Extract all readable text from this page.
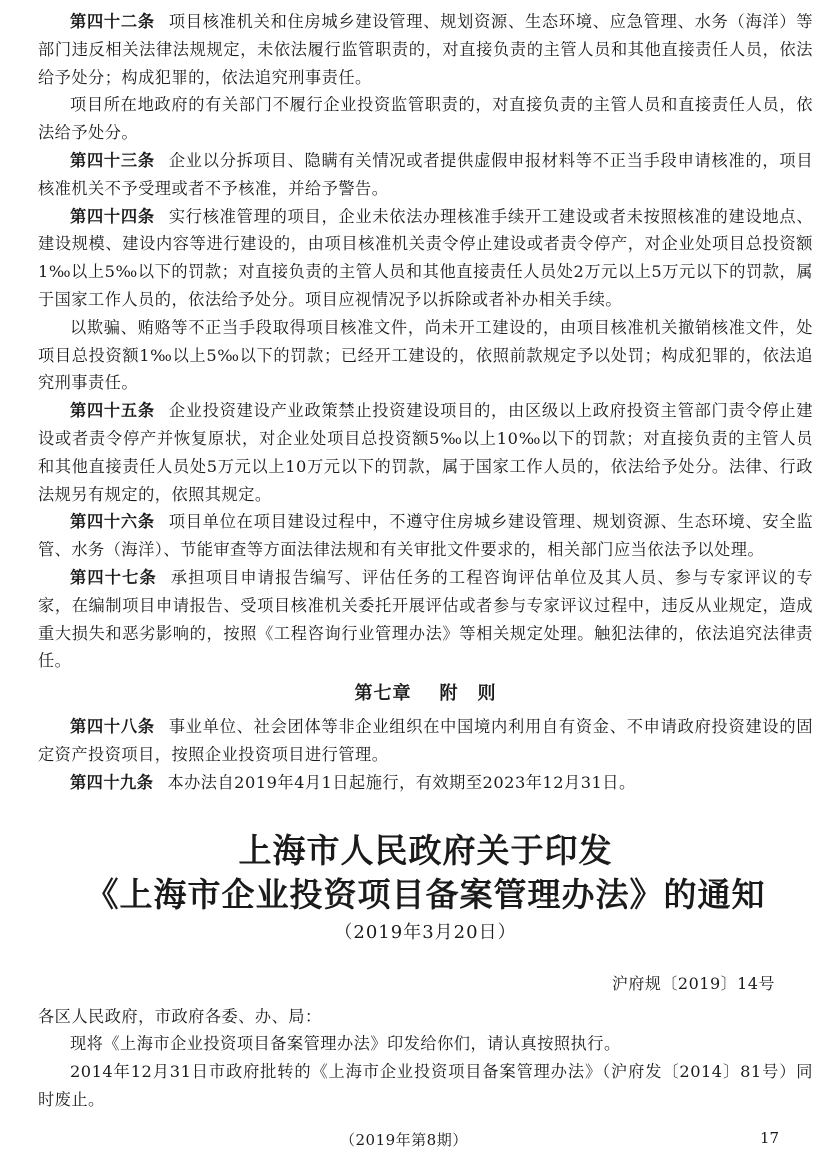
第四十二条 项目核准机关和住房城乡建设管理、规划资源、生态环境、应急管理、水务（海洋）等部门违反相关法律法规规定，未依法履行监管职责的，对直接负责的主管人员和其他直接责任人员，依法给予处分；构成犯罪的，依法追究刑事责任。

项目所在地政府的有关部门不履行企业投资监管职责的，对直接负责的主管人员和直接责任人员，依法给予处分。

第四十三条 企业以分拆项目、隐瞒有关情况或者提供虚假申报材料等不正当手段申请核准的，项目核准机关不予受理或者不予核准，并给予警告。

第四十四条 实行核准管理的项目，企业未依法办理核准手续开工建设或者未按照核准的建设地点、建设规模、建设内容等进行建设的，由项目核准机关责令停止建设或者责令停产，对企业处项目总投资额1‰以上5‰以下的罚款；对直接负责的主管人员和其他直接责任人员处2万元以上5万元以下的罚款，属于国家工作人员的，依法给予处分。项目应视情况予以拆除或者补办相关手续。

以欺骗、贿赂等不正当手段取得项目核准文件，尚未开工建设的，由项目核准机关撤销核准文件，处项目总投资额1‰以上5‰以下的罚款；已经开工建设的，依照前款规定予以处罚；构成犯罪的，依法追究刑事责任。

第四十五条 企业投资建设产业政策禁止投资建设项目的，由区级以上政府投资主管部门责令停止建设或者责令停产并恢复原状，对企业处项目总投资额5‰以上10‰以下的罚款；对直接负责的主管人员和其他直接责任人员处5万元以上10万元以下的罚款，属于国家工作人员的，依法给予处分。法律、行政法规另有规定的，依照其规定。

第四十六条 项目单位在项目建设过程中，不遵守住房城乡建设管理、规划资源、生态环境、安全监管、水务（海洋）、节能审查等方面法律法规和有关审批文件要求的，相关部门应当依法予以处理。

第四十七条 承担项目申请报告编写、评估任务的工程咨询评估单位及其人员、参与专家评议的专家，在编制项目申请报告、受项目核准机关委托开展评估或者参与专家评议过程中，违反从业规定，造成重大损失和恶劣影响的，按照《工程咨询行业管理办法》等相关规定处理。触犯法律的，依法追究法律责任。

第七章 附　则

第四十八条 事业单位、社会团体等非企业组织在中国境内利用自有资金、不申请政府投资建设的固定资产投资项目，按照企业投资项目进行管理。

第四十九条 本办法自2019年4月1日起施行，有效期至2023年12月31日。

上海市人民政府关于印发

《上海市企业投资项目备案管理办法》的通知

（2019年3月20日）

沪府规〔2019〕14号

各区人民政府，市政府各委、办、局：

现将《上海市企业投资项目备案管理办法》印发给你们，请认真按照执行。

2014年12月31日市政府批转的《上海市企业投资项目备案管理办法》（沪府发〔2014〕81号）同时废止。

（2019年第8期）	17
